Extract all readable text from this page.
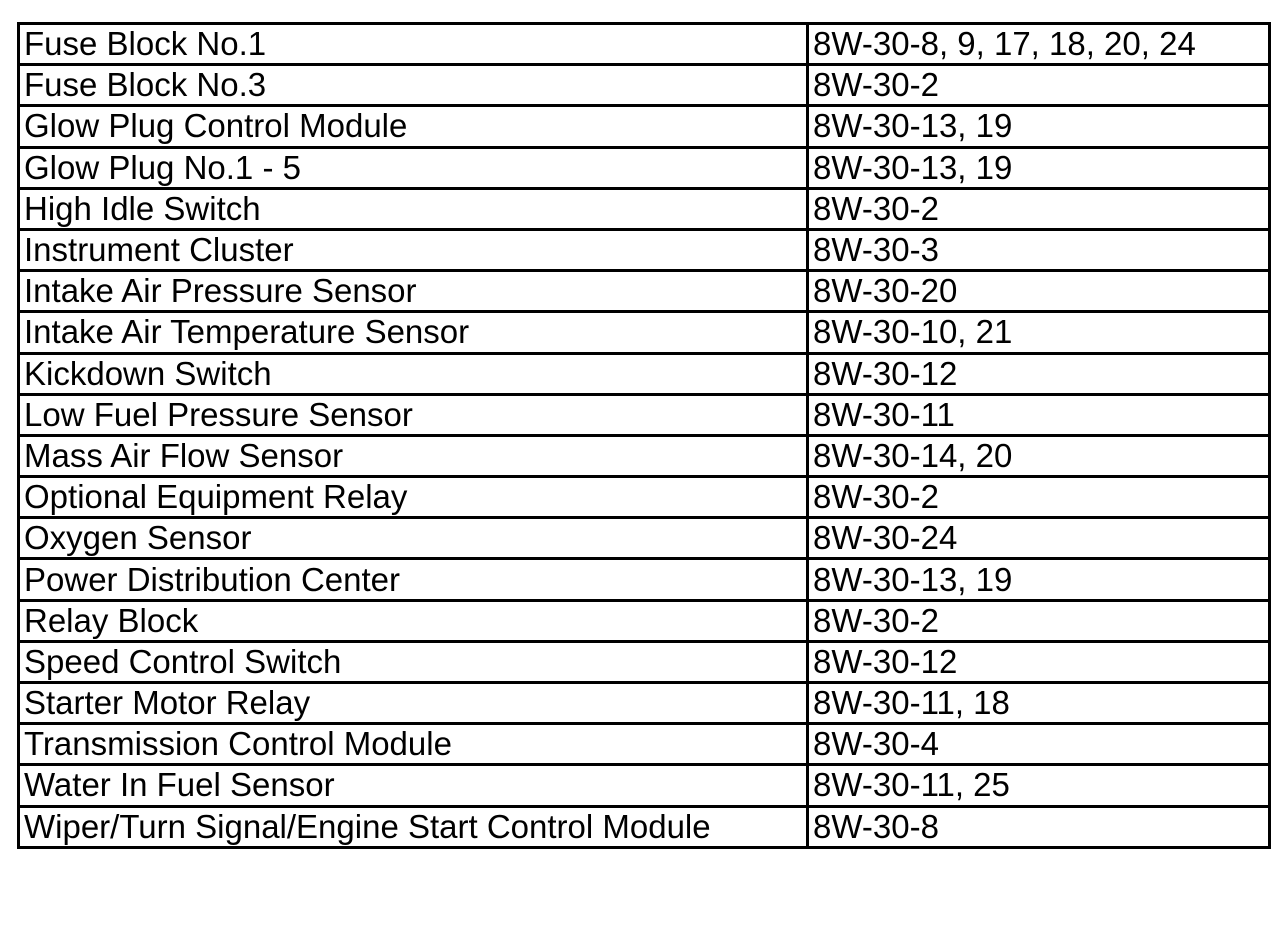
Fuse Block No.1	8W-30-8, 9, 17, 18, 20, 24
Fuse Block No.3	8W-30-2
Glow Plug Control Module	8W-30-13, 19
Glow Plug No.1 - 5	8W-30-13, 19
High Idle Switch	8W-30-2
Instrument Cluster	8W-30-3
Intake Air Pressure Sensor	8W-30-20
Intake Air Temperature Sensor	8W-30-10, 21
Kickdown Switch	8W-30-12
Low Fuel Pressure Sensor	8W-30-11
Mass Air Flow Sensor	8W-30-14, 20
Optional Equipment Relay	8W-30-2
Oxygen Sensor	8W-30-24
Power Distribution Center	8W-30-13, 19
Relay Block	8W-30-2
Speed Control Switch	8W-30-12
Starter Motor Relay	8W-30-11, 18
Transmission Control Module	8W-30-4
Water In Fuel Sensor	8W-30-11, 25
Wiper/Turn Signal/Engine Start Control Module	8W-30-8
